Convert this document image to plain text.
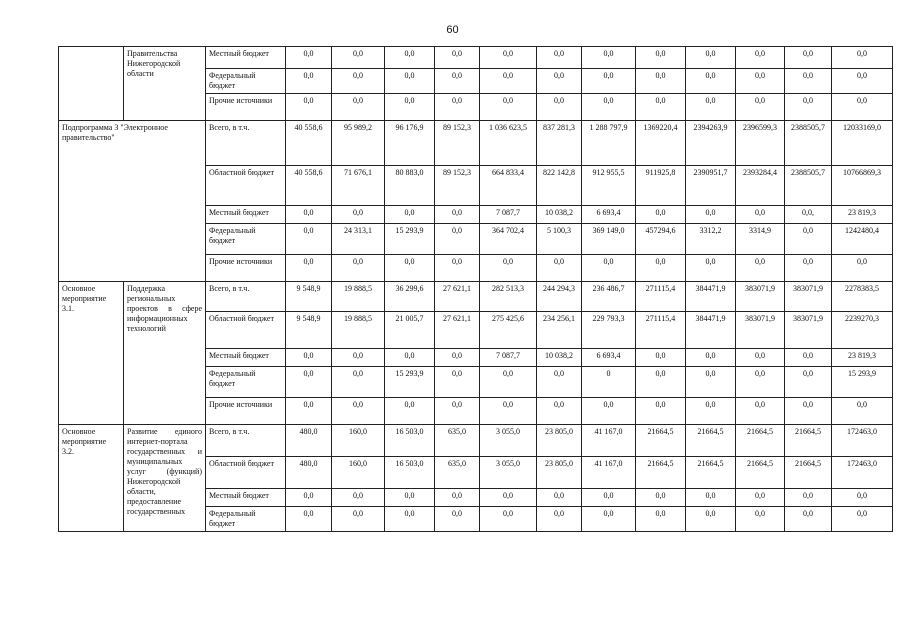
60
	Правительства Нижегородской области	Местный бюджет	0,0	0,0	0,0	0,0	0,0	0,0	0,0	0,0	0,0	0,0	0,0	0,0
		Федеральный бюджет	0,0	0,0	0,0	0,0	0,0	0,0	0,0	0,0	0,0	0,0	0,0	0,0
		Прочие источники	0,0	0,0	0,0	0,0	0,0	0,0	0,0	0,0	0,0	0,0	0,0	0,0
Подпрограмма 3 "Электронное правительство"		Всего, в т.ч.	40 558,6	95 989,2	96 176,9	89 152,3	1 036 623,5	837 281,3	1 288 797,9	1369220,4	2394263,9	2396599,3	2388505,7	12033169,0
		Областной бюджет	40 558,6	71 676,1	80 883,0	89 152,3	664 833,4	822 142,8	912 955,5	911925,8	2390951,7	2393284,4	2388505,7	10766869,3
		Местный бюджет	0,0	0,0	0,0	0,0	7 087,7	10 038,2	6 693,4	0,0	0,0	0,0	0,0,	23 819,3
		Федеральный бюджет	0,0	24 313,1	15 293,9	0,0	364 702,4	5 100,3	369 149,0	457294,6	3312,2	3314,9	0,0	1242480,4
		Прочие источники	0,0	0,0	0,0	0,0	0,0	0,0	0,0	0,0	0,0	0,0	0,0	0,0
Основное мероприятие 3.1.	Поддержка региональных проектов в сфере информационных технологий	Всего, в т.ч.	9 548,9	19 888,5	36 299,6	27 621,1	282 513,3	244 294,3	236 486,7	271115,4	384471,9	383071,9	383071,9	2278383,5
		Областной бюджет	9 548,9	19 888,5	21 005,7	27 621,1	275 425,6	234 256,1	229 793,3	271115,4	384471,9	383071,9	383071,9	2239270,3
		Местный бюджет	0,0	0,0	0,0	0,0	7 087,7	10 038,2	6 693,4	0,0	0,0	0,0	0,0	23 819,3
		Федеральный бюджет	0,0	0,0	15 293,9	0,0	0,0	0,0	0	0,0	0,0	0,0	0,0	15 293,9
		Прочие источники	0,0	0,0	0,0	0,0	0,0	0,0	0,0	0,0	0,0	0,0	0,0	0,0
Основное мероприятие 3.2.	Развитие единого интернет-портала государственных и муниципальных услуг (функций) Нижегородской области, предоставление государственных	Всего, в т.ч.	480,0	160,0	16 503,0	635,0	3 055,0	23 805,0	41 167,0	21664,5	21664,5	21664,5	21664,5	172463,0
		Областной бюджет	480,0	160,0	16 503,0	635,0	3 055,0	23 805,0	41 167,0	21664,5	21664,5	21664,5	21664,5	172463,0
		Местный бюджет	0,0	0,0	0,0	0,0	0,0	0,0	0,0	0,0	0,0	0,0	0,0	0,0
		Федеральный бюджет	0,0	0,0	0,0	0,0	0,0	0,0	0,0	0,0	0,0	0,0	0,0	0,0
